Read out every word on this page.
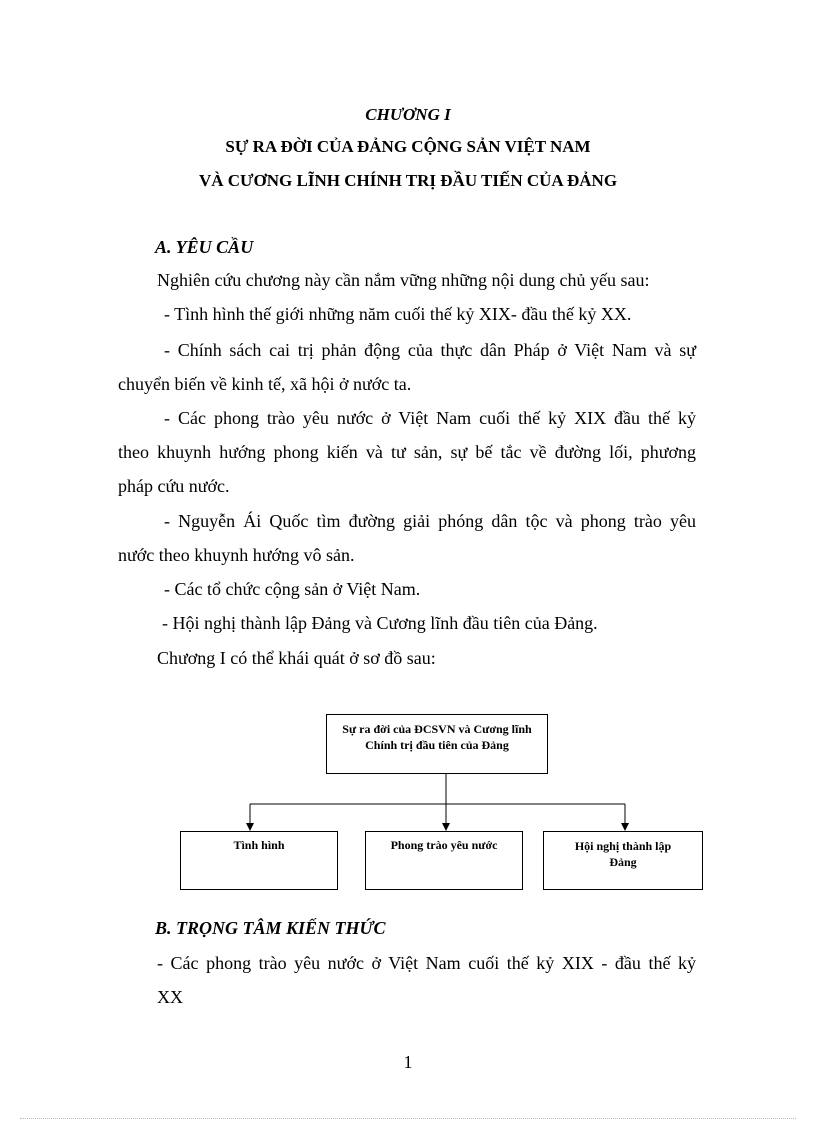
CHƯƠNG I
SỰ RA ĐỜI CỦA ĐẢNG CỘNG SẢN VIỆT NAM
VÀ CƯƠNG LĨNH CHÍNH TRỊ ĐẦU TIẾN CỦA ĐẢNG
A. YÊU CẦU
Nghiên cứu chương này cần nắm vững những nội dung chủ yếu sau:
- Tình hình thế giới những năm cuối thế kỷ XIX- đầu thế kỷ XX.
- Chính sách cai trị phản động của thực dân Pháp ở Việt Nam và sự
chuyển biến về kinh tế, xã hội ở nước ta.
- Các phong trào yêu nước ở Việt Nam cuối thế kỷ XIX đầu thế kỷ
theo khuynh hướng phong kiến và tư sản, sự bế tắc về đường lối, phương
pháp cứu nước.
- Nguyễn Ái Quốc tìm đường giải phóng dân tộc và phong trào yêu
nước theo khuynh hướng vô sản.
- Các tổ chức cộng sản ở Việt Nam.
- Hội nghị thành lập Đảng và Cương lĩnh đầu tiên của Đảng.
Chương I có thể khái quát ở sơ đồ sau:
Sự ra đời của ĐCSVN và Cương lĩnh Chính trị đầu tiên của Đảng
Tình hình	Phong trào yêu nước	Hội nghị thành lập Đảng
B. TRỌNG TÂM KIẾN THỨC
- Các phong trào yêu nước ở Việt Nam cuối thế kỷ XIX - đầu thế kỷ
XX
1
